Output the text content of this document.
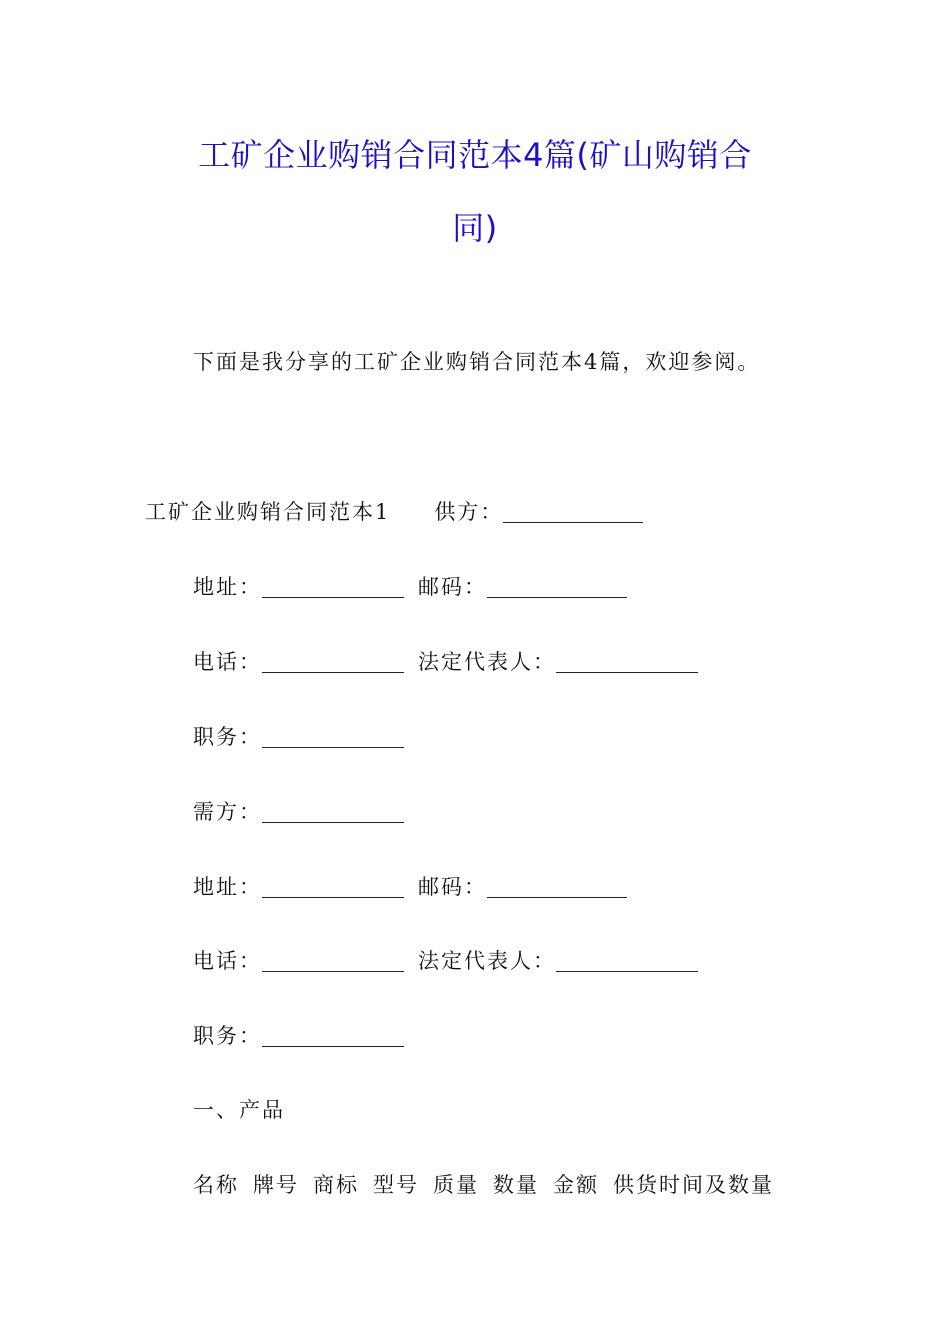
工矿企业购销合同范本4篇(矿山购销合
同)
下面是我分享的工矿企业购销合同范本4篇，欢迎参阅。
工矿企业购销合同范本1 供方：
地址：	邮码：
电话：	法定代表人：
职务：
需方：
地址：	邮码：
电话：	法定代表人：
职务：
一、产品
名称 牌号 商标 型号 质量 数量 金额 供货时间及数量
